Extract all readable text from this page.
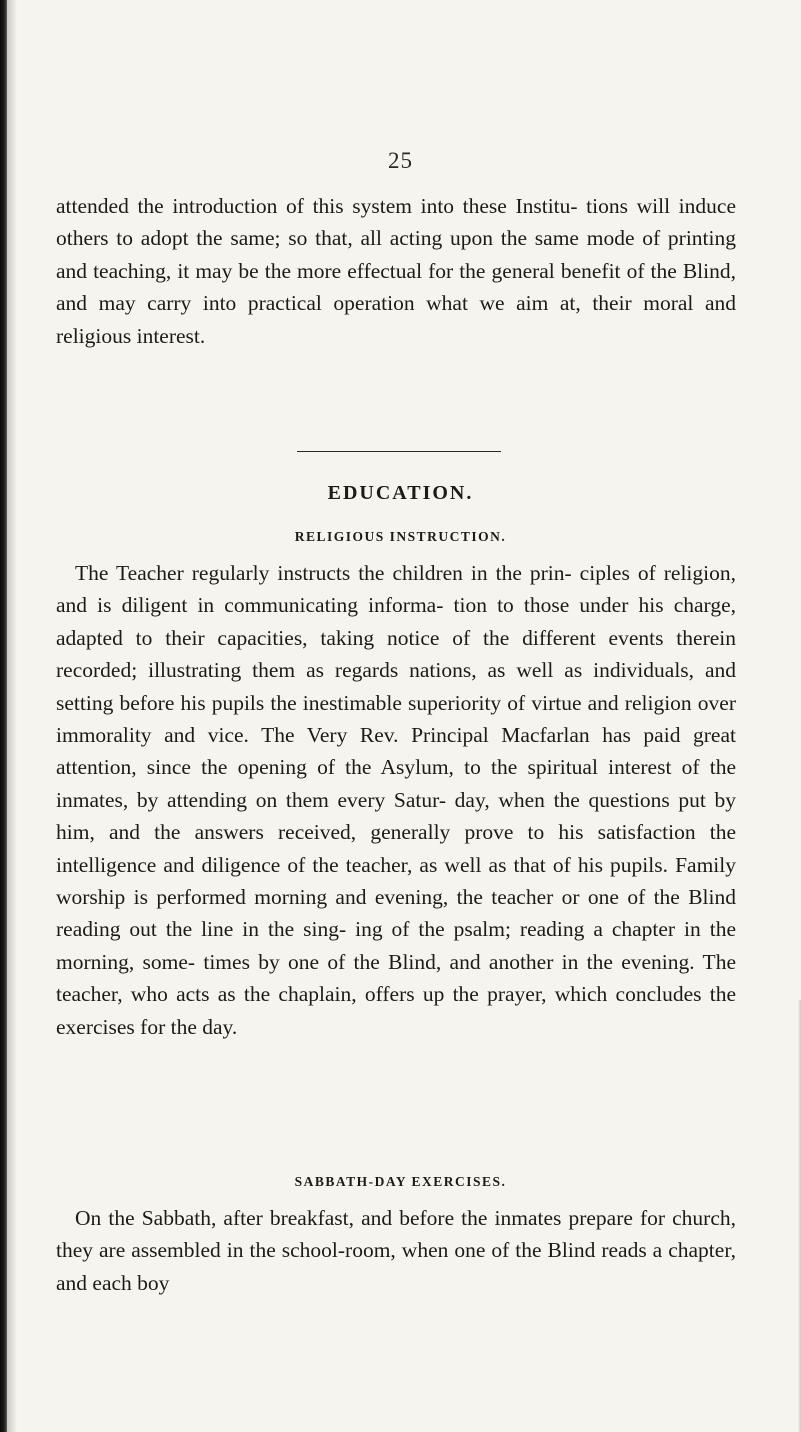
25

attended the introduction of this system into these Institu- tions will induce others to adopt the same; so that, all acting upon the same mode of printing and teaching, it may be the more effectual for the general benefit of the Blind, and may carry into practical operation what we aim at, their moral and religious interest.

EDUCATION.
RELIGIOUS INSTRUCTION.

The Teacher regularly instructs the children in the prin- ciples of religion, and is diligent in communicating informa- tion to those under his charge, adapted to their capacities, taking notice of the different events therein recorded; illustrating them as regards nations, as well as individuals, and setting before his pupils the inestimable superiority of virtue and religion over immorality and vice. The Very Rev. Principal Macfarlan has paid great attention, since the opening of the Asylum, to the spiritual interest of the inmates, by attending on them every Satur- day, when the questions put by him, and the answers received, generally prove to his satisfaction the intelligence and diligence of the teacher, as well as that of his pupils. Family worship is performed morning and evening, the teacher or one of the Blind reading out the line in the sing- ing of the psalm; reading a chapter in the morning, some- times by one of the Blind, and another in the evening. The teacher, who acts as the chaplain, offers up the prayer, which concludes the exercises for the day.

SABBATH-DAY EXERCISES.

On the Sabbath, after breakfast, and before the inmates prepare for church, they are assembled in the school-room, when one of the Blind reads a chapter, and each boy
